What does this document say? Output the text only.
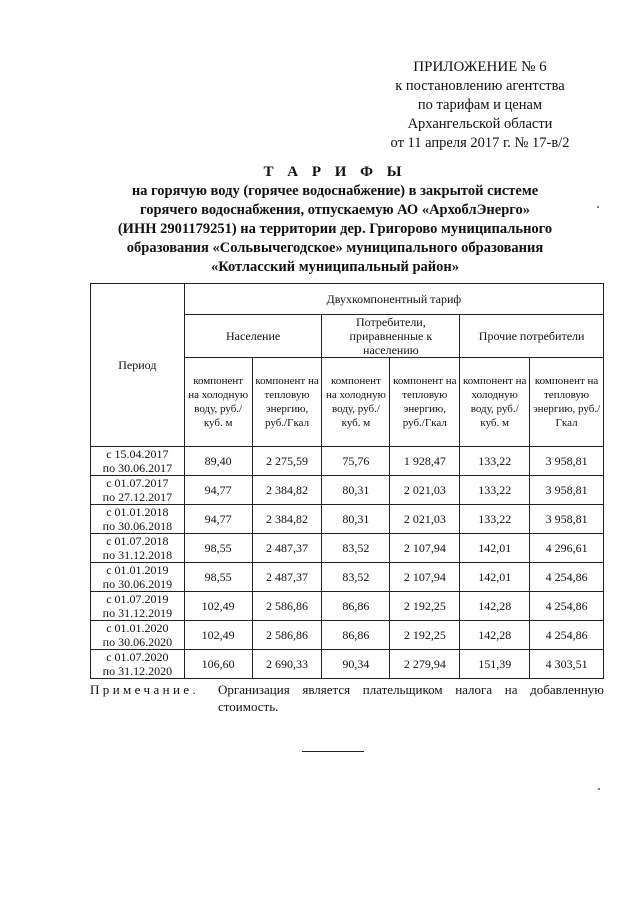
ПРИЛОЖЕНИЕ № 6
к постановлению агентства
по тарифам и ценам
Архангельской области
от 11 апреля 2017 г. № 17-в/2
Т А Р И Ф Ы
на горячую воду (горячее водоснабжение) в закрытой системе
горячего водоснабжения, отпускаемую АО «АрхоблЭнерго»
(ИНН 2901179251) на территории дер. Григорово муниципального
образования «Сольвычегодское» муниципального образования
«Котласский муниципальный район»
Период	Двухкомпонентный тариф					
	Население		Потребители, приравненные к населению		Прочие потребители	
	компонент на холодную воду, руб./куб. м	компонент на тепловую энергию, руб./Гкал	компонент на холодную воду, руб./куб. м	компонент на тепловую энергию, руб./Гкал	компонент на холодную воду, руб./куб. м	компонент на тепловую энергию, руб./Гкал

с 15.04.2017
по 30.06.2017	89,40	2 275,59	75,76	1 928,47	133,22	3 958,81

с 01.07.2017
по 27.12.2017	94,77	2 384,82	80,31	2 021,03	133,22	3 958,81

с 01.01.2018
по 30.06.2018	94,77	2 384,82	80,31	2 021,03	133,22	3 958,81

с 01.07.2018
по 31.12.2018	98,55	2 487,37	83,52	2 107,94	142,01	4 296,61

с 01.01.2019
по 30.06.2019	98,55	2 487,37	83,52	2 107,94	142,01	4 254,86

с 01.07.2019
по 31.12.2019	102,49	2 586,86	86,86	2 192,25	142,28	4 254,86

с 01.01.2020
по 30.06.2020	102,49	2 586,86	86,86	2 192,25	142,28	4 254,86

с 01.07.2020
по 31.12.2020	106,60	2 690,33	90,34	2 279,94	151,39	4 303,51
Примечание. Организация является плательщиком налога на добавленную стоимость.
